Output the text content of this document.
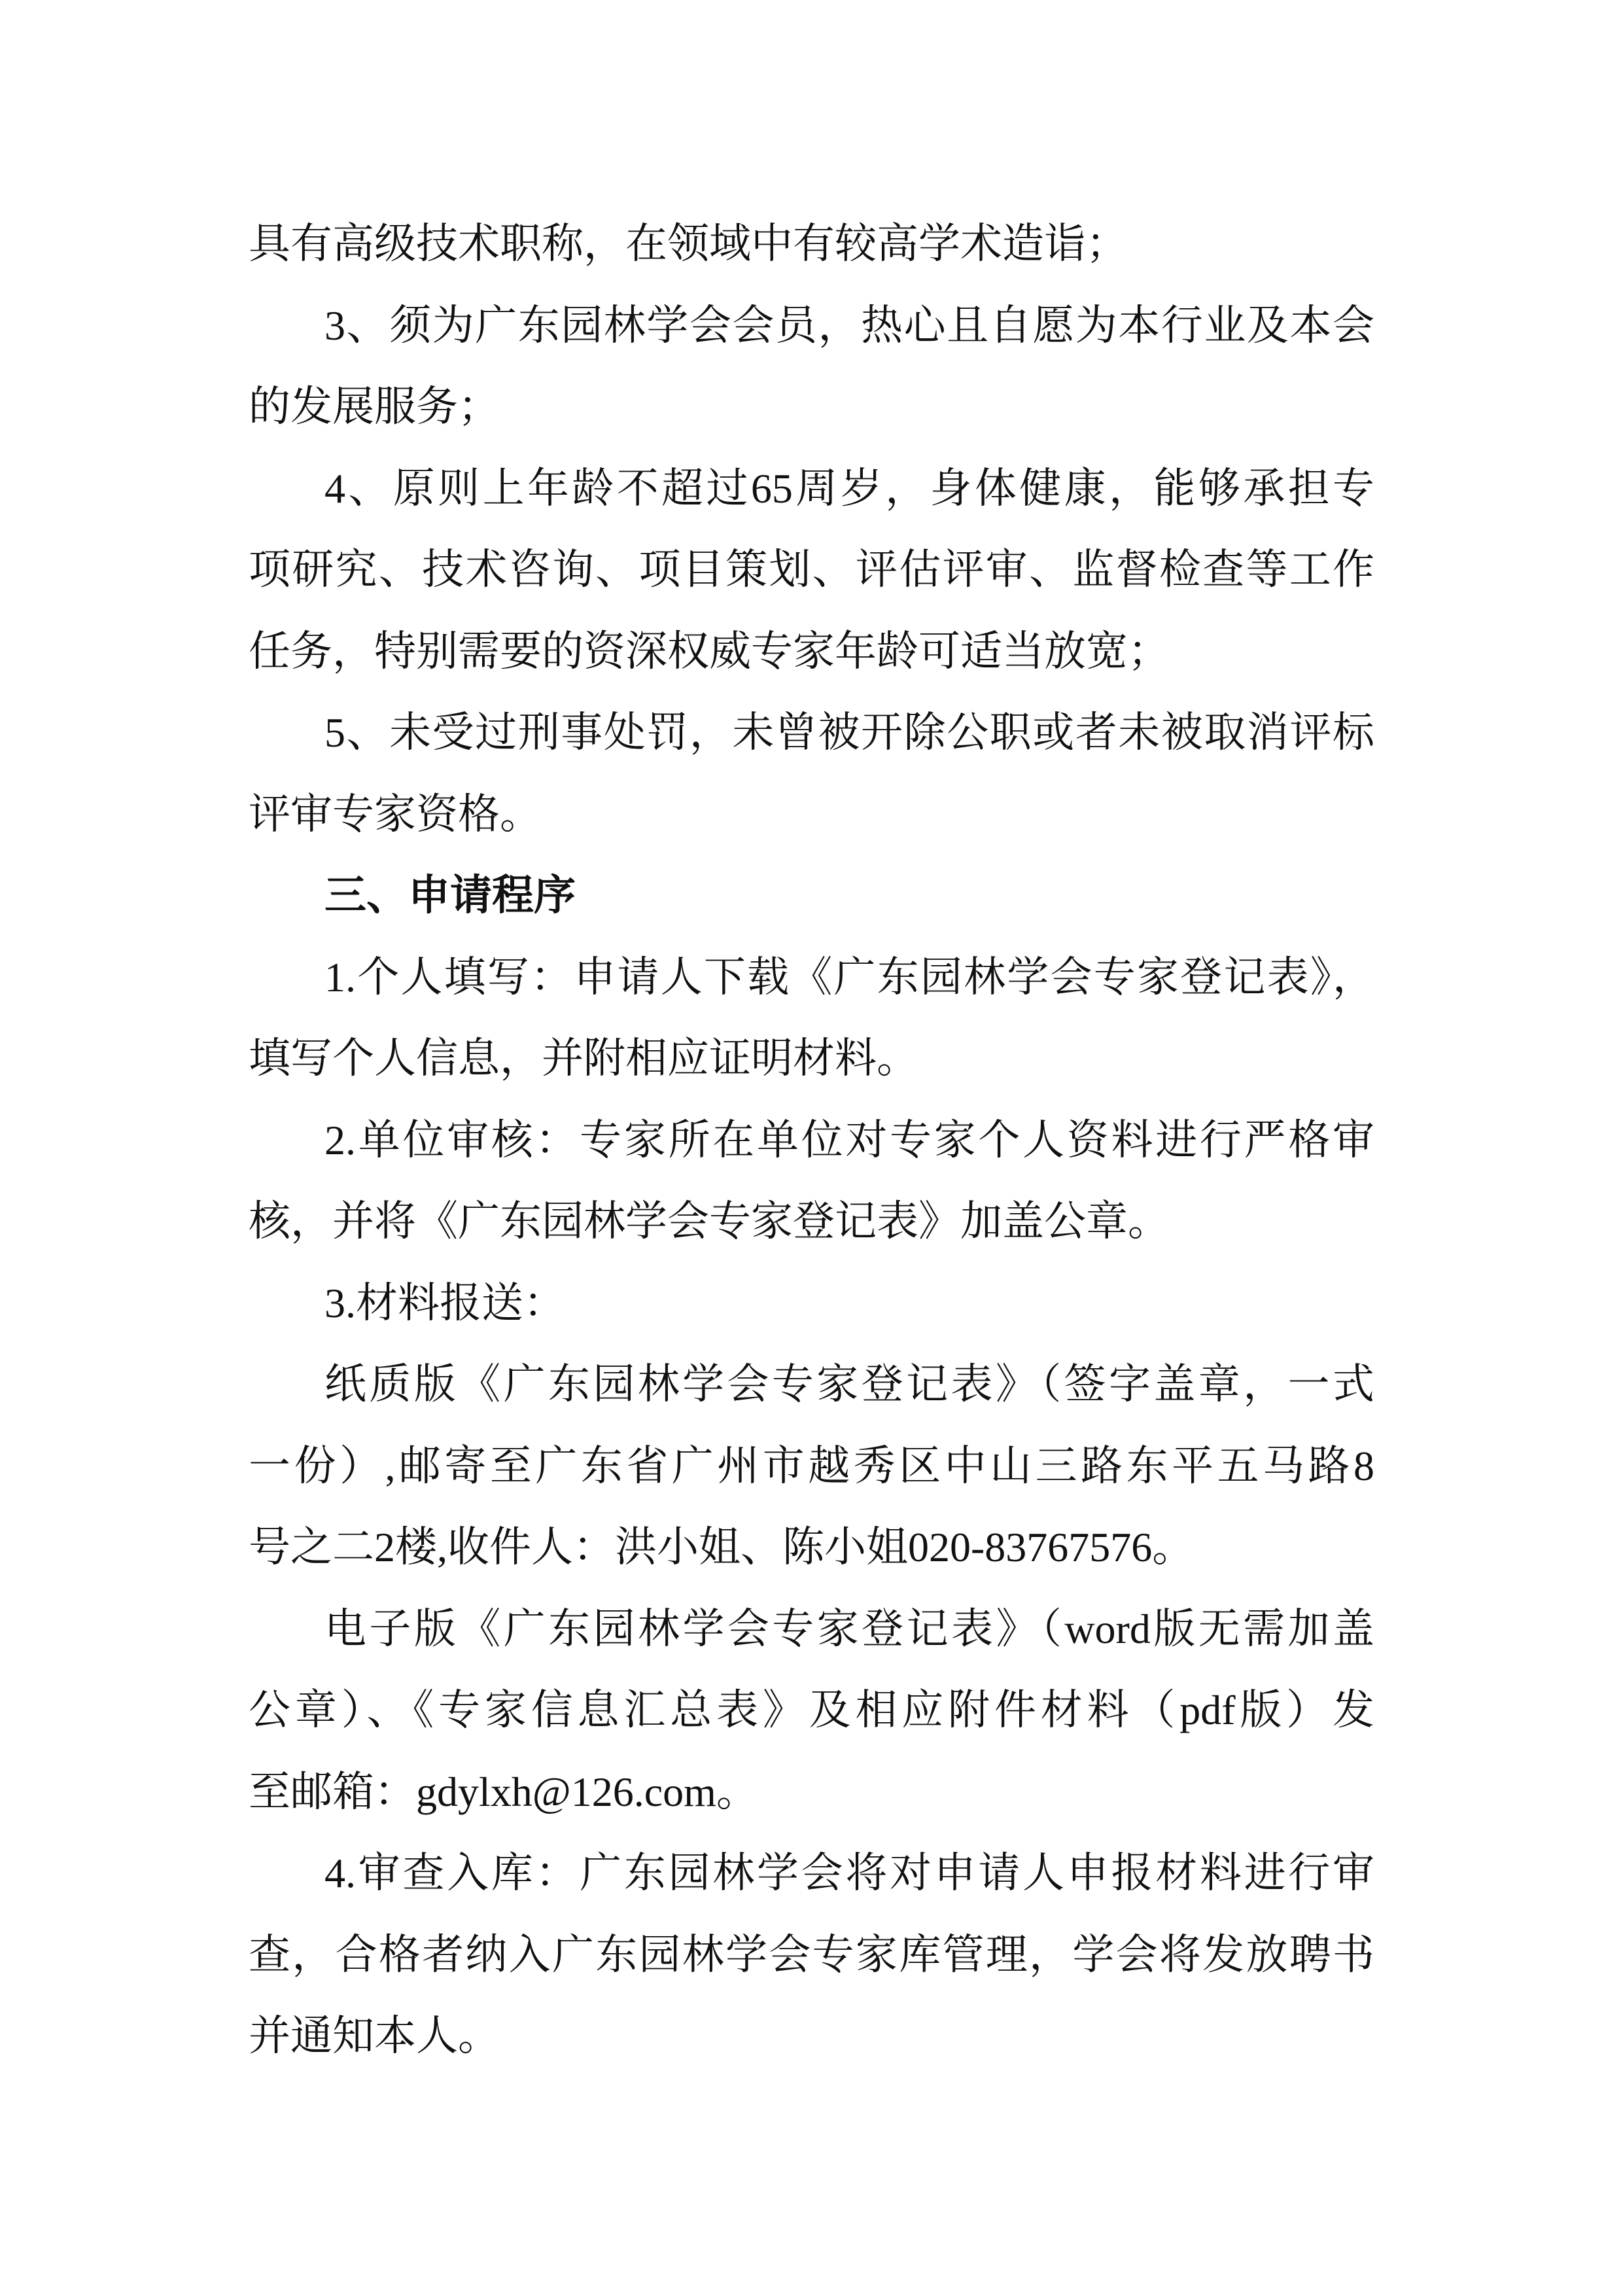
具有高级技术职称，在领域中有较高学术造诣；
3、须为广东园林学会会员，热心且自愿为本行业及本会
的发展服务；
4、原则上年龄不超过65周岁，身体健康，能够承担专
项研究、技术咨询、项目策划、评估评审、监督检查等工作
任务，特别需要的资深权威专家年龄可适当放宽；
5、未受过刑事处罚，未曾被开除公职或者未被取消评标
评审专家资格。
三、申请程序
1.个人填写：申请人下载《广东园林学会专家登记表》，
填写个人信息，并附相应证明材料。
2.单位审核：专家所在单位对专家个人资料进行严格审
核，并将《广东园林学会专家登记表》加盖公章。
3.材料报送：
纸质版《广东园林学会专家登记表》（签字盖章，一式
一份）,邮寄至广东省广州市越秀区中山三路东平五马路8
号之二2楼,收件人：洪小姐、陈小姐020-83767576。
电子版《广东园林学会专家登记表》（word版无需加盖
公章）、《专家信息汇总表》及相应附件材料（pdf版）发
至邮箱：gdylxh@126.com。
4.审查入库：广东园林学会将对申请人申报材料进行审
查，合格者纳入广东园林学会专家库管理，学会将发放聘书
并通知本人。
